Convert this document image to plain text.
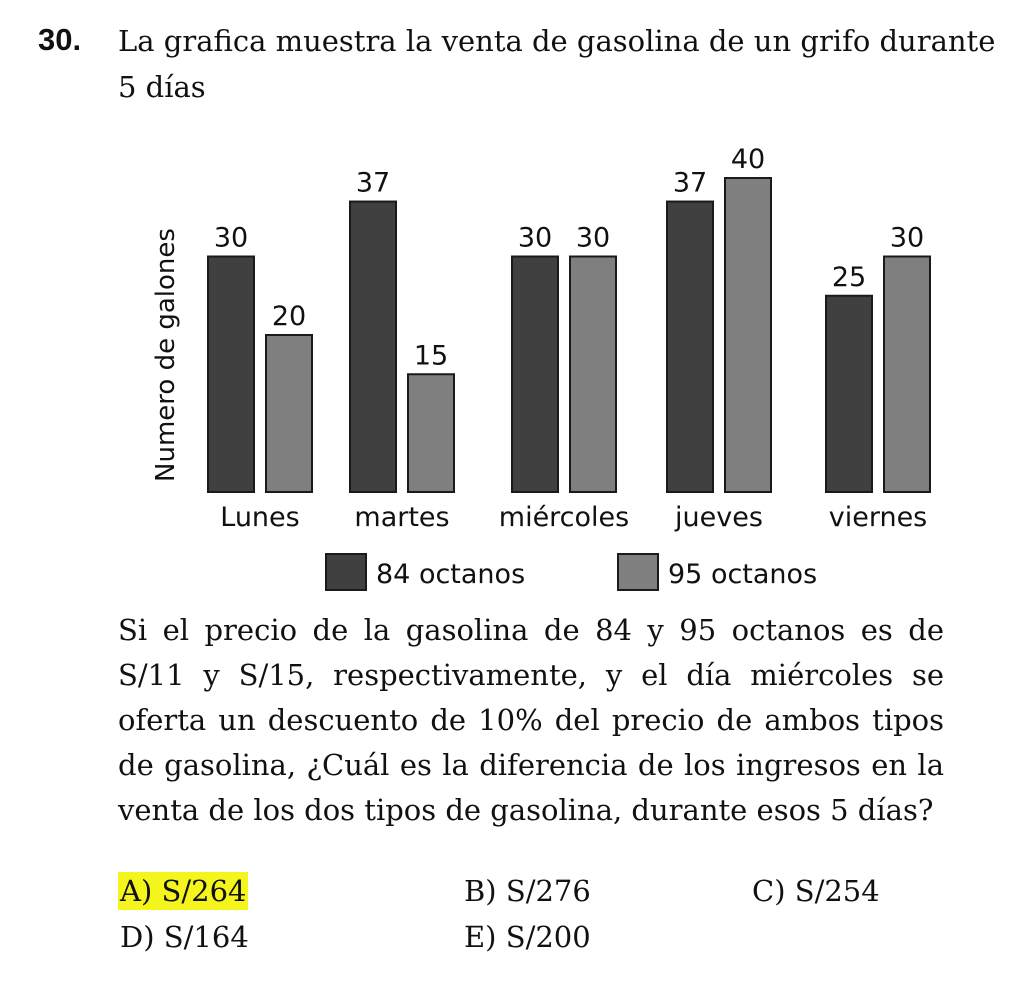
30. La grafica muestra la venta de gasolina de un grifo durante 5 días
30
20
Lunes
37
15
martes
30 30
miércoles
37
40
jueves
25
30
viernes
Numero de galones
84 octanos	95 octanos
Si el precio de la gasolina de 84 y 95 octanos es de S/11 y S/15, respectivamente, y el día miércoles se oferta un descuento de 10% del precio de ambos tipos de gasolina, ¿Cuál es la diferencia de los ingresos en la venta de los dos tipos de gasolina, durante esos 5 días?
A) S/264	B) S/276	C) S/254
D) S/164	E) S/200
